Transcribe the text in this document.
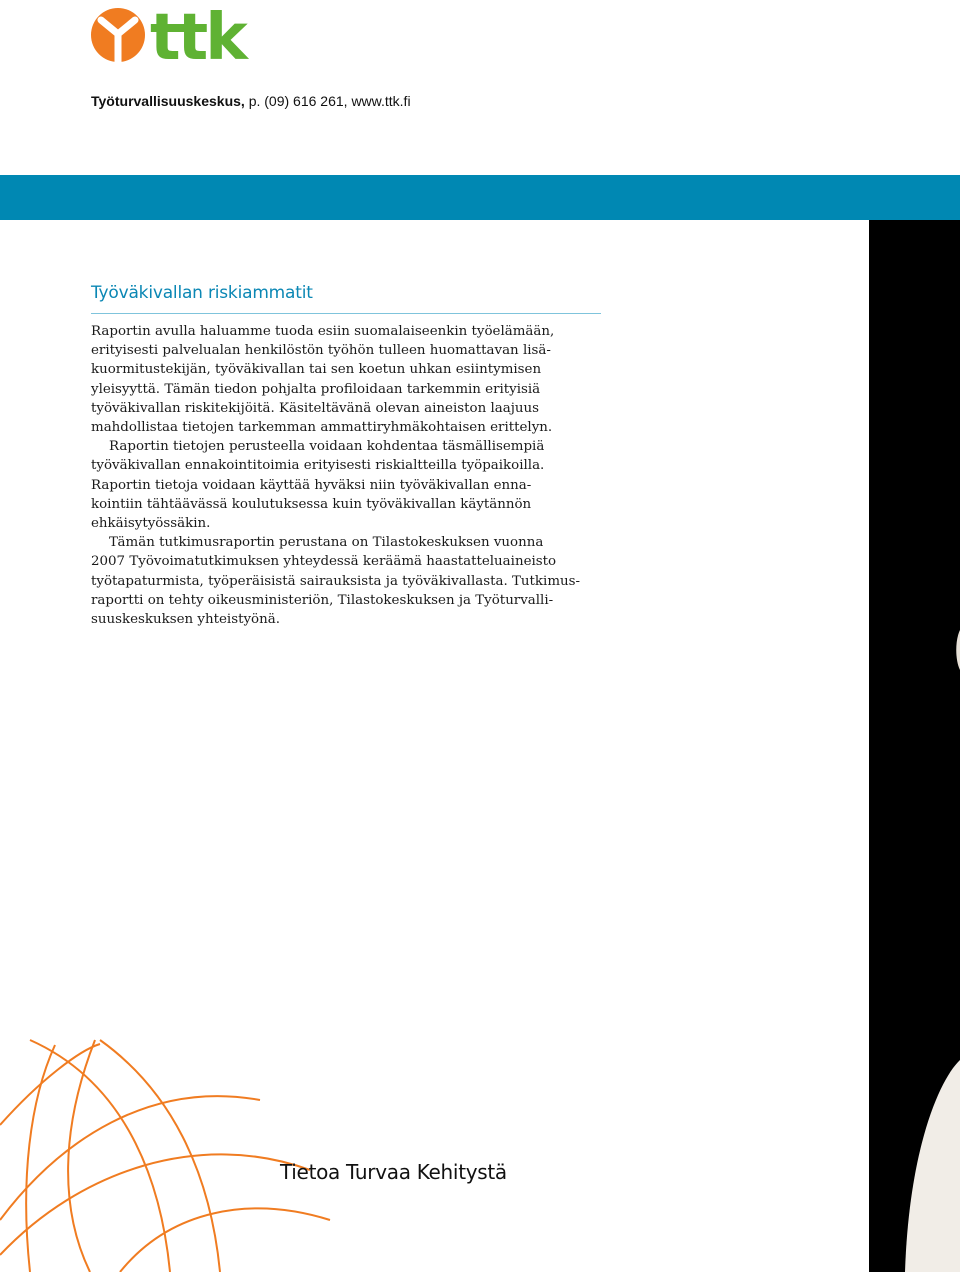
ttk
Työturvallisuuskeskus, p. (09) 616 261, www.ttk.fi
Työväkivallan riskiammatit
Raportin avulla haluamme tuoda esiin suomalaiseenkin työelämään,
erityisesti palvelualan henkilöstön työhön tulleen huomattavan lisä-
kuormitustekijän, työväkivallan tai sen koetun uhkan esiintymisen
yleisyyttä. Tämän tiedon pohjalta profiloidaan tarkemmin erityisiä
työväkivallan riskitekijöitä. Käsiteltävänä olevan aineiston laajuus
mahdollistaa tietojen tarkemman ammattiryhmäkohtaisen erittelyn.
Raportin tietojen perusteella voidaan kohdentaa täsmällisempiä
työväkivallan ennakointitoimia erityisesti riskialtteilla työpaikoilla.
Raportin tietoja voidaan käyttää hyväksi niin työväkivallan enna-
kointiin tähtäävässä koulutuksessa kuin työväkivallan käytännön
ehkäisytyössäkin.
Tämän tutkimusraportin perustana on Tilastokeskuksen vuonna
2007 Työvoimatutkimuksen yhteydessä keräämä haastatteluaineisto
työtapaturmista, työperäisistä sairauksista ja työväkivallasta. Tutkimus-
raportti on tehty oikeusministeriön, Tilastokeskuksen ja Työturvalli-
suuskeskuksen yhteistyönä.
Tietoa Turvaa Kehitystä
